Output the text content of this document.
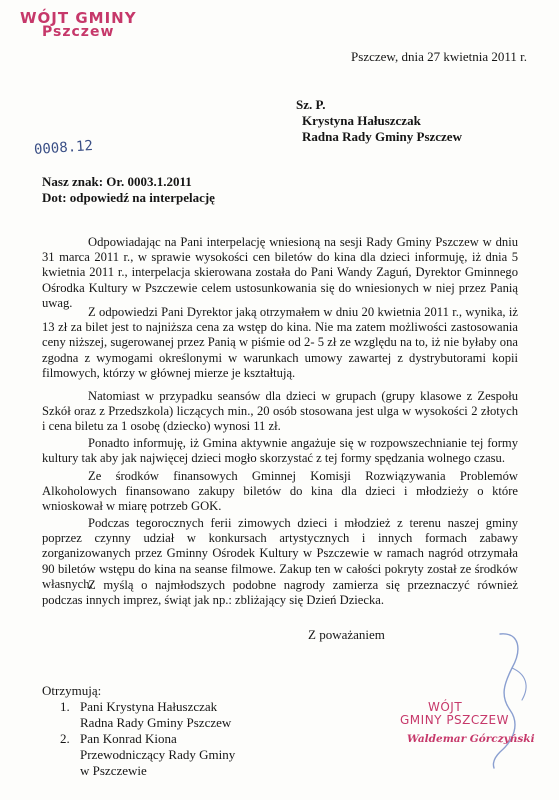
WÓJT GMINY
Pszczew
Pszczew, dnia 27 kwietnia 2011 r.
Sz. P.
Krystyna Hałuszczak
Radna Rady Gminy Pszczew
0008.12
Nasz znak: Or. 0003.1.2011
Dot: odpowiedź na interpelację
Odpowiadając na Pani interpelację wniesioną na sesji Rady Gminy Pszczew w dniu 31 marca 2011 r., w sprawie wysokości cen biletów do kina dla dzieci informuję, iż dnia 5 kwietnia 2011 r., interpelacja skierowana została do Pani Wandy Zaguń, Dyrektor Gminnego Ośrodka Kultury w Pszczewie celem ustosunkowania się do wniesionych w niej przez Panią uwag.
Z odpowiedzi Pani Dyrektor jaką otrzymałem w dniu 20 kwietnia 2011 r., wynika, iż 13 zł za bilet jest to najniższa cena za wstęp do kina. Nie ma zatem możliwości zastosowania ceny niższej, sugerowanej przez Panią w piśmie od 2- 5 zł ze względu na to, iż nie byłaby ona zgodna z wymogami określonymi w warunkach umowy zawartej z dystrybutorami kopii filmowych, którzy w głównej mierze je kształtują.
Natomiast w przypadku seansów dla dzieci w grupach (grupy klasowe z Zespołu Szkół oraz z Przedszkola) liczących min., 20 osób stosowana jest ulga w wysokości 2 złotych i cena biletu za 1 osobę (dziecko) wynosi 11 zł.
Ponadto informuję, iż Gmina aktywnie angażuje się w rozpowszechnianie tej formy kultury tak aby jak najwięcej dzieci mogło skorzystać z tej formy spędzania wolnego czasu.
Ze środków finansowych Gminnej Komisji Rozwiązywania Problemów Alkoholowych finansowano zakupy biletów do kina dla dzieci i młodzieży o które wnioskował w miarę potrzeb GOK.
Podczas tegorocznych ferii zimowych dzieci i młodzież z terenu naszej gminy poprzez czynny udział w konkursach artystycznych i innych formach zabawy zorganizowanych przez Gminny Ośrodek Kultury w Pszczewie w ramach nagród otrzymała 90 biletów wstępu do kina na seanse filmowe. Zakup ten w całości pokryty został ze środków własnych.
Z myślą o najmłodszych podobne nagrody zamierza się przeznaczyć również podczas innych imprez, świąt jak np.: zbliżający się Dzień Dziecka.
Z poważaniem
Otrzymują:
1. Pani Krystyna Hałuszczak
Radna Rady Gminy Pszczew
2. Pan Konrad Kiona
Przewodniczący Rady Gminy
w Pszczewie
WÓJT
GMINY PSZCZEW
Waldemar Górczyński
